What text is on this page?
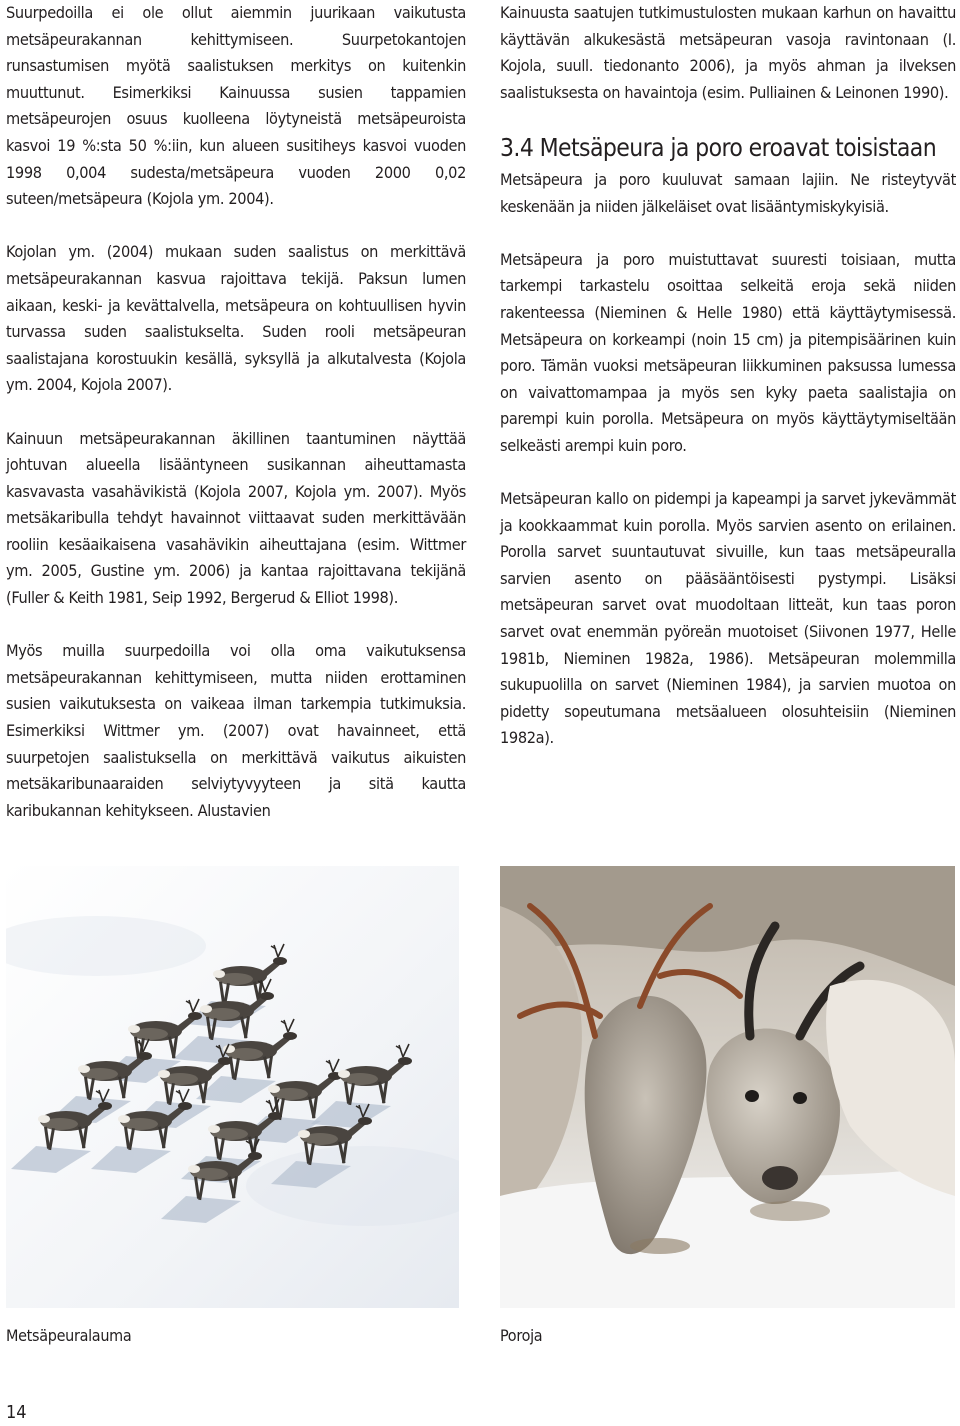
Suurpedoilla ei ole ollut aiemmin juurikaan vaikutusta metsäpeurakannan kehittymiseen. Suurpetokantojen runsastumisen myötä saalistuksen merkitys on kuitenkin muuttunut. Esimerkiksi Kainuussa susien tappamien metsäpeurojen osuus kuolleena löytyneistä metsäpeuroista kasvoi 19 %:sta 50 %:iin, kun alueen susitiheys kasvoi vuoden 1998 0,004 sudesta/metsäpeura vuoden 2000 0,02 suteen/metsäpeura (Kojola ym. 2004).

Kojolan ym. (2004) mukaan suden saalistus on merkittävä metsäpeurakannan kasvua rajoittava tekijä. Paksun lumen aikaan, keski- ja kevättalvella, metsäpeura on kohtuullisen hyvin turvassa suden saalistukselta. Suden rooli metsäpeuran saalistajana korostuukin kesällä, syksyllä ja alkutalvesta (Kojola ym. 2004, Kojola 2007).

Kainuun metsäpeurakannan äkillinen taantuminen näyttää johtuvan alueella lisääntyneen susikannan aiheuttamasta kasvavasta vasahävikistä (Kojola 2007, Kojola ym. 2007). Myös metsäkaribulla tehdyt havainnot viittaavat suden merkittävään rooliin kesäaikaisena vasahävikin aiheuttajana (esim. Wittmer ym. 2005, Gustine ym. 2006) ja kantaa rajoittavana tekijänä (Fuller & Keith 1981, Seip 1992, Bergerud & Elliot 1998).

Myös muilla suurpedoilla voi olla oma vaikutuksensa metsäpeurakannan kehittymiseen, mutta niiden erottaminen susien vaikutuksesta on vaikeaa ilman tarkempia tutkimuksia. Esimerkiksi Wittmer ym. (2007) ovat havainneet, että suurpetojen saalistuksella on merkittävä vaikutus aikuisten metsäkaribunaaraiden selviytyvyyteen ja sitä kautta karibukannan kehitykseen. Alustavien

Kainuusta saatujen tutkimustulosten mukaan karhun on havaittu käyttävän alkukesästä metsäpeuran vasoja ravintonaan (I. Kojola, suull. tiedonanto 2006), ja myös ahman ja ilveksen saalistuksesta on havaintoja (esim. Pulliainen & Leinonen 1990).

3.4 Metsäpeura ja poro eroavat toisistaan

Metsäpeura ja poro kuuluvat samaan lajiin. Ne risteytyvät keskenään ja niiden jälkeläiset ovat lisääntymiskykyisiä.

Metsäpeura ja poro muistuttavat suuresti toisiaan, mutta tarkempi tarkastelu osoittaa selkeitä eroja sekä niiden rakenteessa (Nieminen & Helle 1980) että käyttäytymisessä. Metsäpeura on korkeampi (noin 15 cm) ja pitempisäärinen kuin poro. Tämän vuoksi metsäpeuran liikkuminen paksussa lumessa on vaivattomampaa ja myös sen kyky paeta saalistajia on parempi kuin porolla. Metsäpeura on myös käyttäytymiseltään selkeästi arempi kuin poro.

Metsäpeuran kallo on pidempi ja kapeampi ja sarvet jykevämmät ja kookkaammat kuin porolla. Myös sarvien asento on erilainen. Porolla sarvet suuntautuvat sivuille, kun taas metsäpeuralla sarvien asento on pääsääntöisesti pystympi. Lisäksi metsäpeuran sarvet ovat muodoltaan litteät, kun taas poron sarvet ovat enemmän pyöreän muotoiset (Siivonen 1977, Helle 1981b, Nieminen 1982a, 1986). Metsäpeuran molemmilla sukupuolilla on sarvet (Nieminen 1984), ja sarvien muotoa on pidetty sopeutumana metsäalueen olosuhteisiin (Nieminen 1982a).

Metsäpeuralauma	Poroja
14
